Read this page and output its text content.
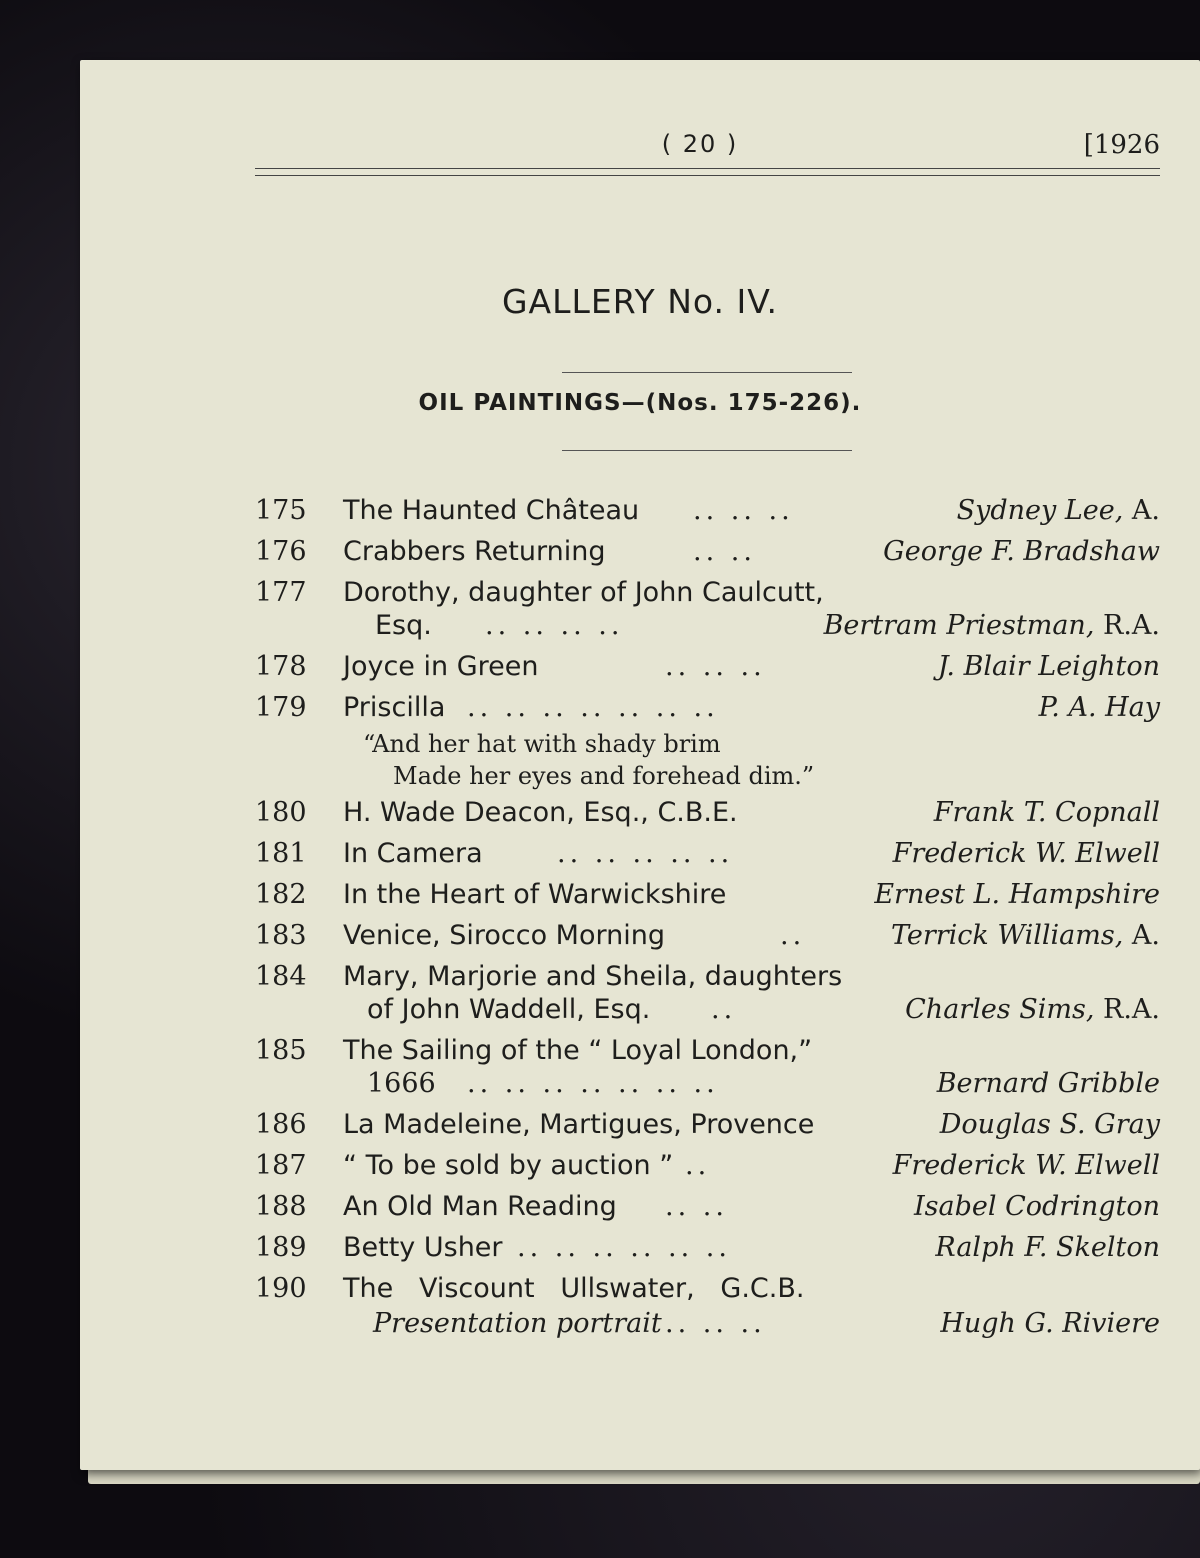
( 20 )	[1926
GALLERY No. IV.
OIL PAINTINGS—(Nos. 175-226).
175	The Haunted Château .. .. ..	Sydney Lee, A.
176	Crabbers Returning	.. ..	George F. Bradshaw
177	Dorothy, daughter of John Caulcutt,
Esq. .. .. .. ..	Bertram Priestman, R.A.
178	Joyce in Green	.. .. ..	J. Blair Leighton
179	Priscilla .. .. .. .. .. .. ..	P. A. Hay
“And her hat with shady brim
Made her eyes and forehead dim.”
180	H. Wade Deacon, Esq., C.B.E.	Frank T. Copnall
181	In Camera	.. .. .. .. ..	Frederick W. Elwell
182	In the Heart of Warwickshire	Ernest L. Hampshire
183	Venice, Sirocco Morning	..	Terrick Williams, A.
184	Mary, Marjorie and Sheila, daughters
of John Waddell, Esq. ..	Charles Sims, R.A.
185	The Sailing of the “ Loyal London,”
1666 .. .. .. .. .. .. ..	Bernard Gribble
186	La Madeleine, Martigues, Provence	Douglas S. Gray
187	“ To be sold by auction ” ..	Frederick W. Elwell
188	An Old Man Reading .. ..	Isabel Codrington
189	Betty Usher .. .. .. .. .. ..	Ralph F. Skelton
190	The   Viscount   Ullswater,   G.C.B.
Presentation portrait .. .. ..	Hugh G. Riviere
